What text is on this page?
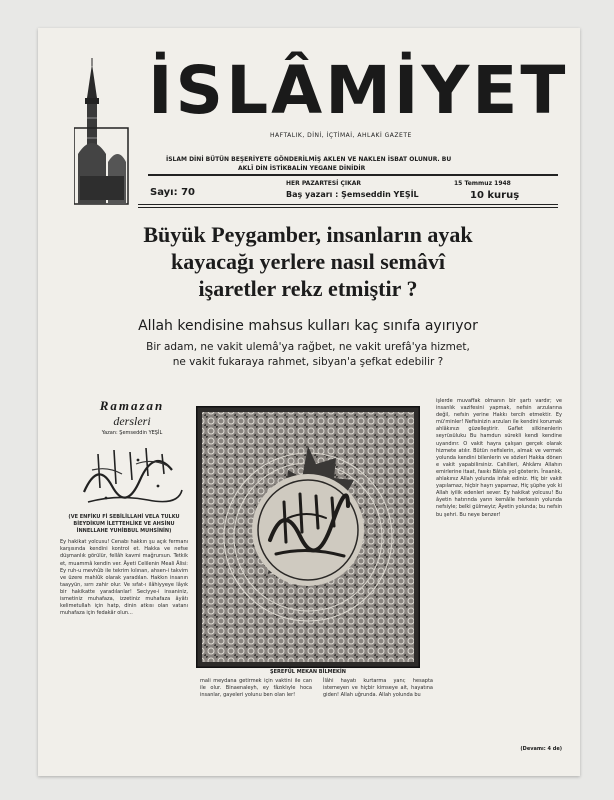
İSLÂMİYET
HAFTALIK, DİNİ, İÇTİMAİ, AHLAKİ GAZETE
İSLAM DİNİ BÜTÜN BEŞERİYETE GÖNDERİLMİŞ AKLEN VE NAKLEN İSBAT OLUNUR. BU
AKLÎ DİN İSTİKBALİN YEGANE DİNİDİR
Sayı: 70
HER PAZARTESİ ÇIKAR	15 Temmuz 1948
Baş yazarı : Şemseddin YEŞİL	10 kuruş
Büyük Peygamber, insanların ayak
kayacağı yerlere nasıl semâvî
işaretler rekz etmiştir ?
Allah kendisine mahsus kulları kaç sınıfa ayırıyor
Bir adam, ne vakit ulemâ'ya rağbet, ne vakit urefâ'ya hizmet,
ne vakit fukaraya rahmet, sibyan'a şefkat edebilir ?
Ramazan
dersleri
Yazan: Şemseddin YEŞİL
(VE ENFİKU Fİ SEBİLİLLAHİ VELA TULKU BİEYDİKUM İLETTEHLİKE VE AHSİNU İNNELLAHE YUHİBBUL MUHSİNİN)
Ey hakikat yolcusu! Cenabı hakkın şu açık fermanı karşısında kendini kontrol et. Hakka ve nefse düşmanlık görülür, fellâh kavmi mağrursun. Tetkik et, muammâ kendin ver. Âyeti Celilenin Meali Âlisi: Ey ruh-u mevhûb ile tekrim kılınan, ahsen-i takvim ve üzere mahlûk olarak yaradılan. Hakkın insanın taayyün, sırrı zahir olur. Ve sıfat-ı ilâhiyyeye lâyık bir hakikatte yaradılanlar! Seciyye-i insaniniz, ismetiniz muhafaza, izzetiniz muhafaza âyâtı kelimetullah için hatp, dinin atkısı olan vatanı muhafaza için fedakâr olun...
ŞEREFÜL MEKAN BİLMEKİN
mali meydana getirmek için vaktini ile can ile olur. Binaenaleyh, ey fâzıklıyle hoca insanlar, gayeleri yolunu ben olan ler!
İlâhi hayatı kurtarma yanı; hesapta istemeyen ve hiçbir kimseye ait, hayatına giden! Allah uğrunda. Allah yolunda bu
işlerde muvaffak olmanın bir şartı vardır; ve insanlık vazifesini yapmak, nefsin arzularına değil, nefsin yerine Hakkı tercih etmektir. Ey mü'minler! Nefisinizin arzuları ile kendini korumak ahlâkınızı güzelleştirir. Gaflet silkinenlerin seyrüsüluku Bu hamdun sürekli kendi kendine uyandırır. O vakit hayra çalışan gerçek olarak hizmete atılır. Bütün nefislerin, almak ve vermek yolunda kendini bilenlerin ve sözleri Hakka dönen e vakit yapabilirsiniz. Cahilleri, Ahkâmı Allahın emirlerine itaat, fasıkı Bâtıla yol gösterin. İnsanlık, ahlakınız Allah yolunda infak ediniz. Hiç bir vakit yapılamaz, hiçbir hayrı yapamaz, Hiç şüphe yok ki Allah iyilik edenleri sever. Ey hakikat yolcusu! Bu âyetin hatırında yarın kemâlle herkesin yolunda nefsiyle; belki gülmeyiz; Âyetin yolunda; bu nefsin bu şehri. Bu neye benzer!
(Devamı: 4 de)
